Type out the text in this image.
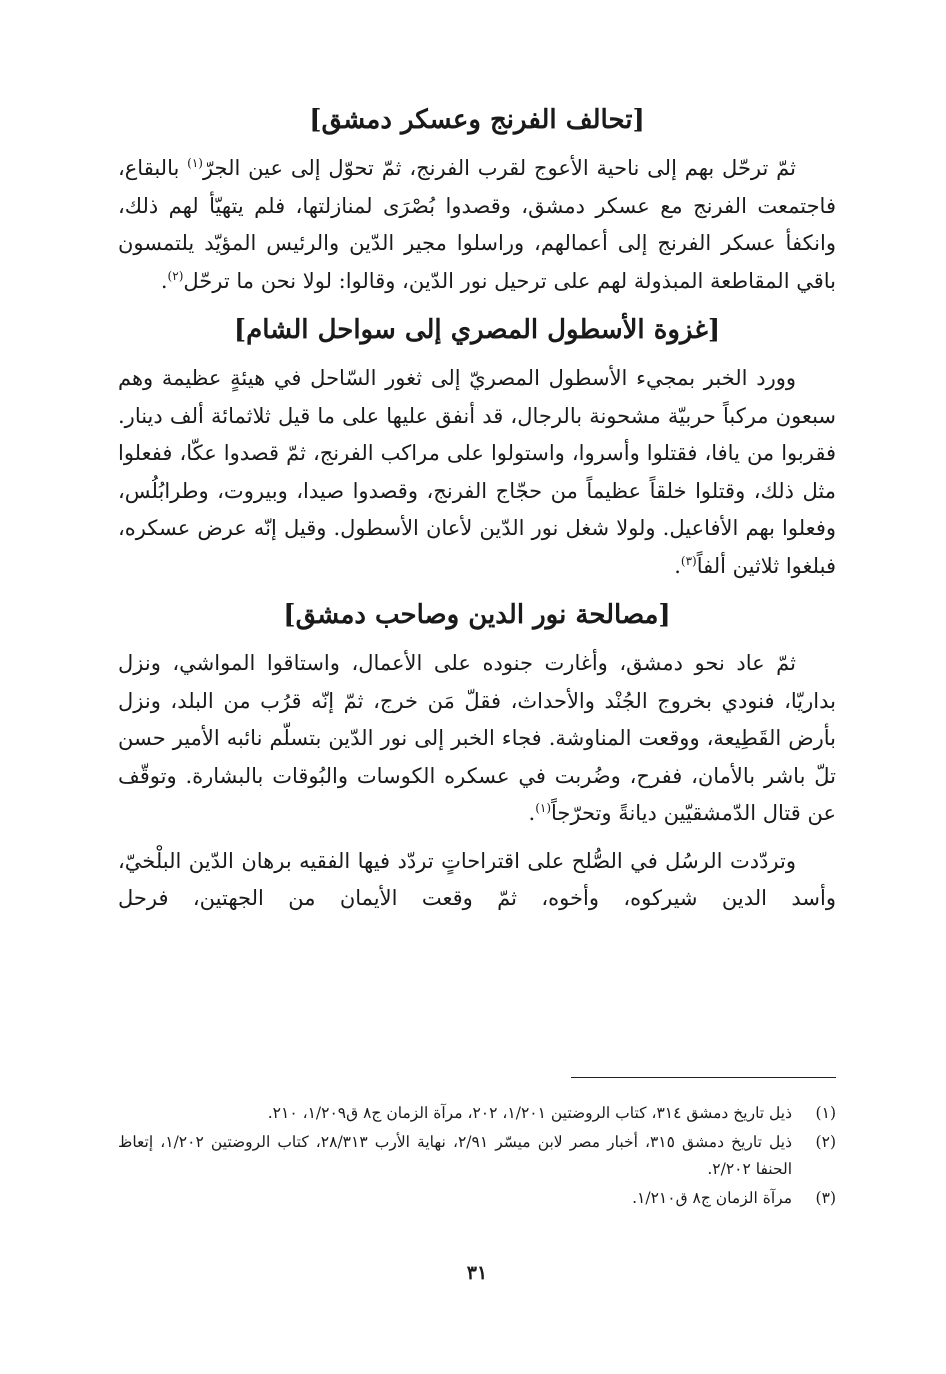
[تحالف الفرنج وعسكر دمشق]

ثمّ ترحّل بهم إلى ناحية الأعوج لقرب الفرنج، ثمّ تحوّل إلى عين الجرّ$^{(١)}$ بالبقاع، فاجتمعت الفرنج مع عسكر دمشق، وقصدوا بُصْرَى لمنازلتها، فلم يتهيّأ لهم ذلك، وانكفأ عسكر الفرنج إلى أعمالهم، وراسلوا مجير الدّين والرئيس المؤيّد يلتمسون باقي المقاطعة المبذولة لهم على ترحيل نور الدّين، وقالوا: لولا نحن ما ترحّل$^{(٢)}$.

[غزوة الأسطول المصري إلى سواحل الشام]

وورد الخبر بمجيء الأسطول المصريّ إلى ثغور السّاحل في هيئةٍ عظيمة وهم سبعون مركباً حربيّة مشحونة بالرجال، قد أنفق عليها على ما قيل ثلاثمائة ألف دينار. فقربوا من يافا، فقتلوا وأسروا، واستولوا على مراكب الفرنج، ثمّ قصدوا عكّا، ففعلوا مثل ذلك، وقتلوا خلقاً عظيماً من حجّاج الفرنج، وقصدوا صيدا، وبيروت، وطرابُلُس، وفعلوا بهم الأفاعيل. ولولا شغل نور الدّين لأعان الأسطول. وقيل إنّه عرض عسكره، فبلغوا ثلاثين ألفاً$^{(٣)}$.

[مصالحة نور الدين وصاحب دمشق]

ثمّ عاد نحو دمشق، وأغارت جنوده على الأعمال، واستاقوا المواشي، ونزل بداريّا، فنودي بخروج الجُنْد والأحداث، فقلّ مَن خرج، ثمّ إنّه قرُب من البلد، ونزل بأرض القَطِيعة، ووقعت المناوشة. فجاء الخبر إلى نور الدّين بتسلّم نائبه الأمير حسن تلّ باشر بالأمان، ففرح، وضُربت في عسكره الكوسات والبُوقات بالبشارة. وتوقّف عن قتال الدّمشقيّين ديانةً وتحرّجاً$^{(١)}$.

وتردّدت الرسُل في الصُّلح على اقتراحاتٍ تردّد فيها الفقيه برهان الدّين البلْخيّ، وأسد الدين شيركوه، وأخوه، ثمّ وقعت الأيمان من الجهتين، فرحل

(١)
ذيل تاريخ دمشق ٣١٤، كتاب الروضتين ١/٢٠١، ٢٠٢، مرآة الزمان ج٨ ق١/٢٠٩، ٢١٠.
(٢)
ذيل تاريخ دمشق ٣١٥، أخبار مصر لابن ميسّر ٢/٩١، نهاية الأرب ٢٨/٣١٣، كتاب الروضتين ١/٢٠٢، إتعاظ الحنفا ٢/٢٠٢.
(٣)
مرآة الزمان ج٨ ق١/٢١٠.
٣١
